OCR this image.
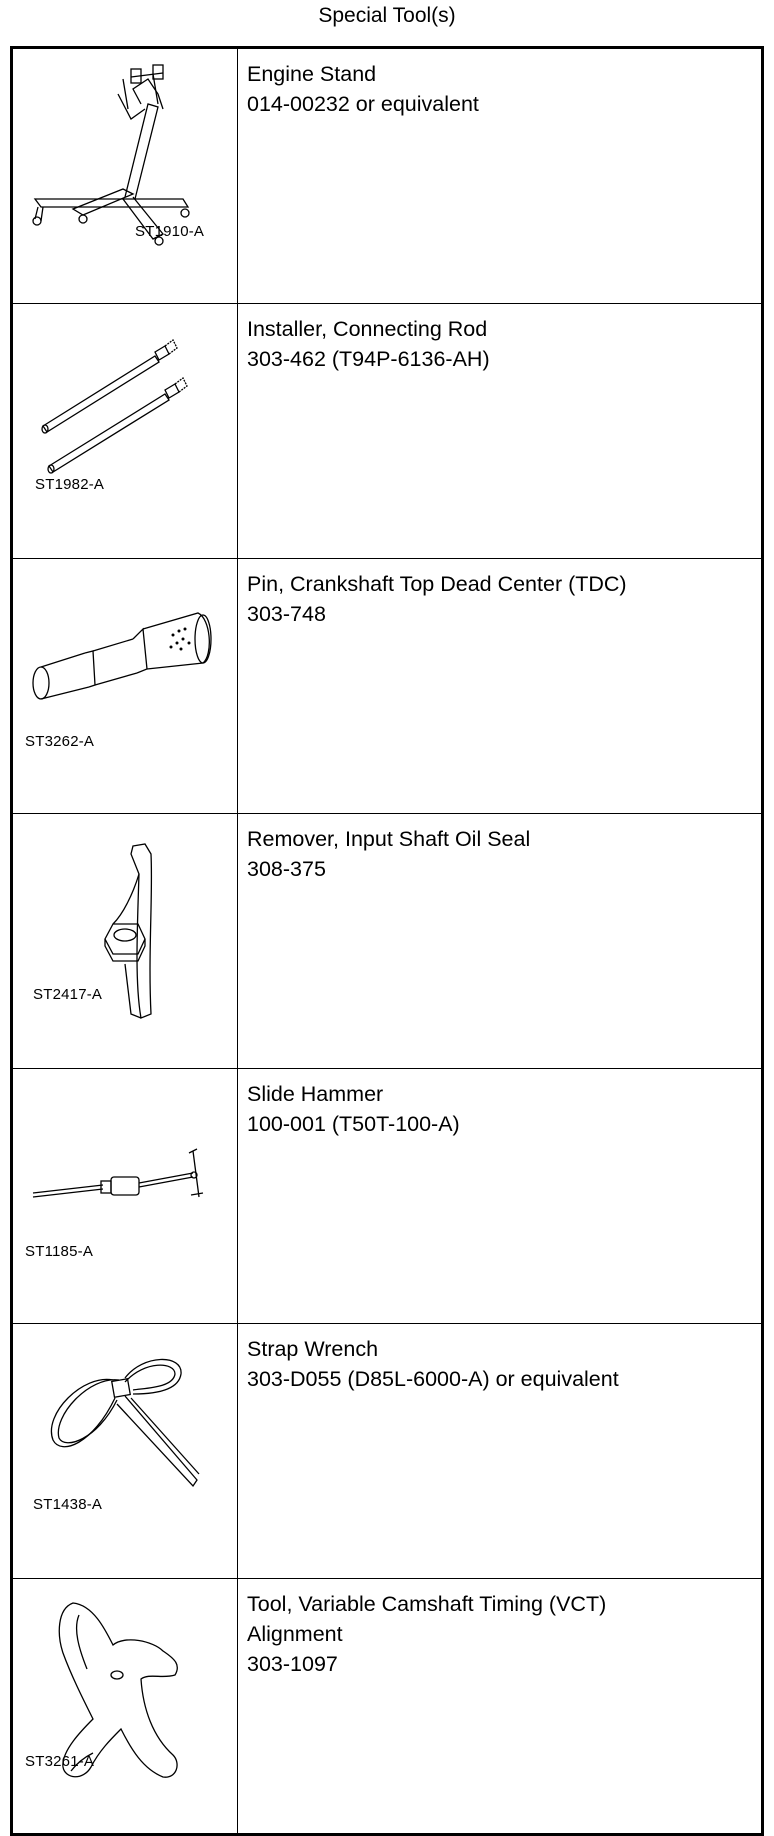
Special Tool(s)
ST1910-A	Engine Stand
014-00232 or equivalent

ST1982-A	Installer, Connecting Rod
303-462 (T94P-6136-AH)

ST3262-A	Pin, Crankshaft Top Dead Center (TDC)
303-748

ST2417-A	Remover, Input Shaft Oil Seal
308-375

ST1185-A	Slide Hammer
100-001 (T50T-100-A)

ST1438-A	Strap Wrench
303-D055 (D85L-6000-A) or equivalent

ST3261-A	Tool, Variable Camshaft Timing (VCT)
Alignment
303-1097
